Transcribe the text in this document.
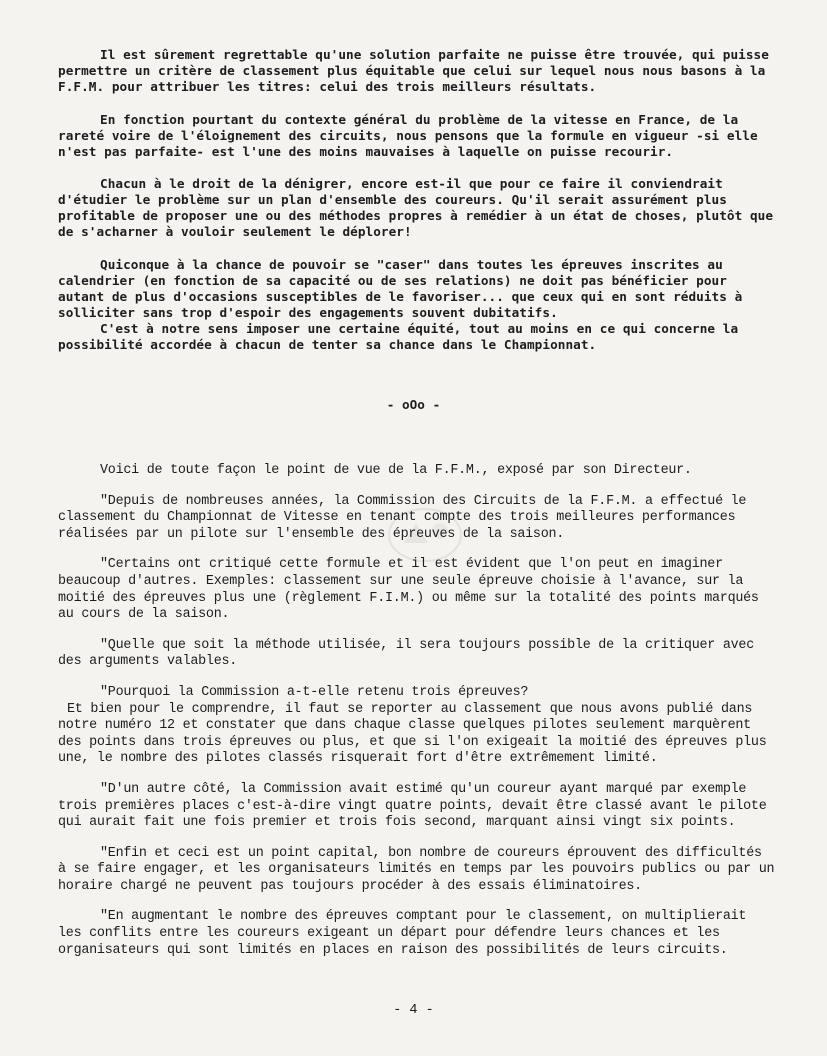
Il est sûrement regrettable qu'une solution parfaite ne puisse être trouvée, qui puisse permettre un critère de classement plus équitable que celui sur lequel nous nous basons à la F.F.M. pour attribuer les titres: celui des trois meilleurs résultats.

En fonction pourtant du contexte général du problème de la vitesse en France, de la rareté voire de l'éloignement des circuits, nous pensons que la formule en vigueur -si elle n'est pas parfaite- est l'une des moins mauvaises à laquelle on puisse recourir.

Chacun à le droit de la dénigrer, encore est-il que pour ce faire il conviendrait d'étudier le problème sur un plan d'ensemble des coureurs. Qu'il serait assurément plus profitable de proposer une ou des méthodes propres à remédier à un état de choses, plutôt que de s'acharner à vouloir seulement le déplorer!

Quiconque à la chance de pouvoir se "caser" dans toutes les épreuves inscrites au calendrier (en fonction de sa capacité ou de ses relations) ne doit pas bénéficier pour autant de plus d'occasions susceptibles de le favoriser... que ceux qui en sont réduits à solliciter sans trop d'espoir des engagements souvent dubitatifs.

C'est à notre sens imposer une certaine équité, tout au moins en ce qui concerne la possibilité accordée à chacun de tenter sa chance dans le Championnat.

- oOo -

Voici de toute façon le point de vue de la F.F.M., exposé par son Directeur.

"Depuis de nombreuses années, la Commission des Circuits de la F.F.M. a effectué le classement du Championnat de Vitesse en tenant compte des trois meilleures performances réalisées par un pilote sur l'ensemble des épreuves de la saison.

"Certains ont critiqué cette formule et il est évident que l'on peut en imaginer beaucoup d'autres. Exemples: classement sur une seule épreuve choisie à l'avance, sur la moitié des épreuves plus une (règlement F.I.M.) ou même sur la totalité des points marqués au cours de la saison.

"Quelle que soit la méthode utilisée, il sera toujours possible de la critiquer avec des arguments valables.

"Pourquoi la Commission a-t-elle retenu trois épreuves?

Et bien pour le comprendre, il faut se reporter au classement que nous avons publié dans notre numéro 12 et constater que dans chaque classe quelques pilotes seulement marquèrent des points dans trois épreuves ou plus, et que si l'on exigeait la moitié des épreuves plus une, le nombre des pilotes classés risquerait fort d'être extrêmement limité.

"D'un autre côté, la Commission avait estimé qu'un coureur ayant marqué par exemple trois premières places c'est-à-dire vingt quatre points, devait être classé avant le pilote qui aurait fait une fois premier et trois fois second, marquant ainsi vingt six points.

"Enfin et ceci est un point capital, bon nombre de coureurs éprouvent des difficultés à se faire engager, et les organisateurs limités en temps par les pouvoirs publics ou par un horaire chargé ne peuvent pas toujours procéder à des essais éliminatoires.

"En augmentant le nombre des épreuves comptant pour le classement, on multiplierait les conflits entre les coureurs exigeant un départ pour défendre leurs chances et les organisateurs qui sont limités en places en raison des possibilités de leurs circuits.

- 4 -
